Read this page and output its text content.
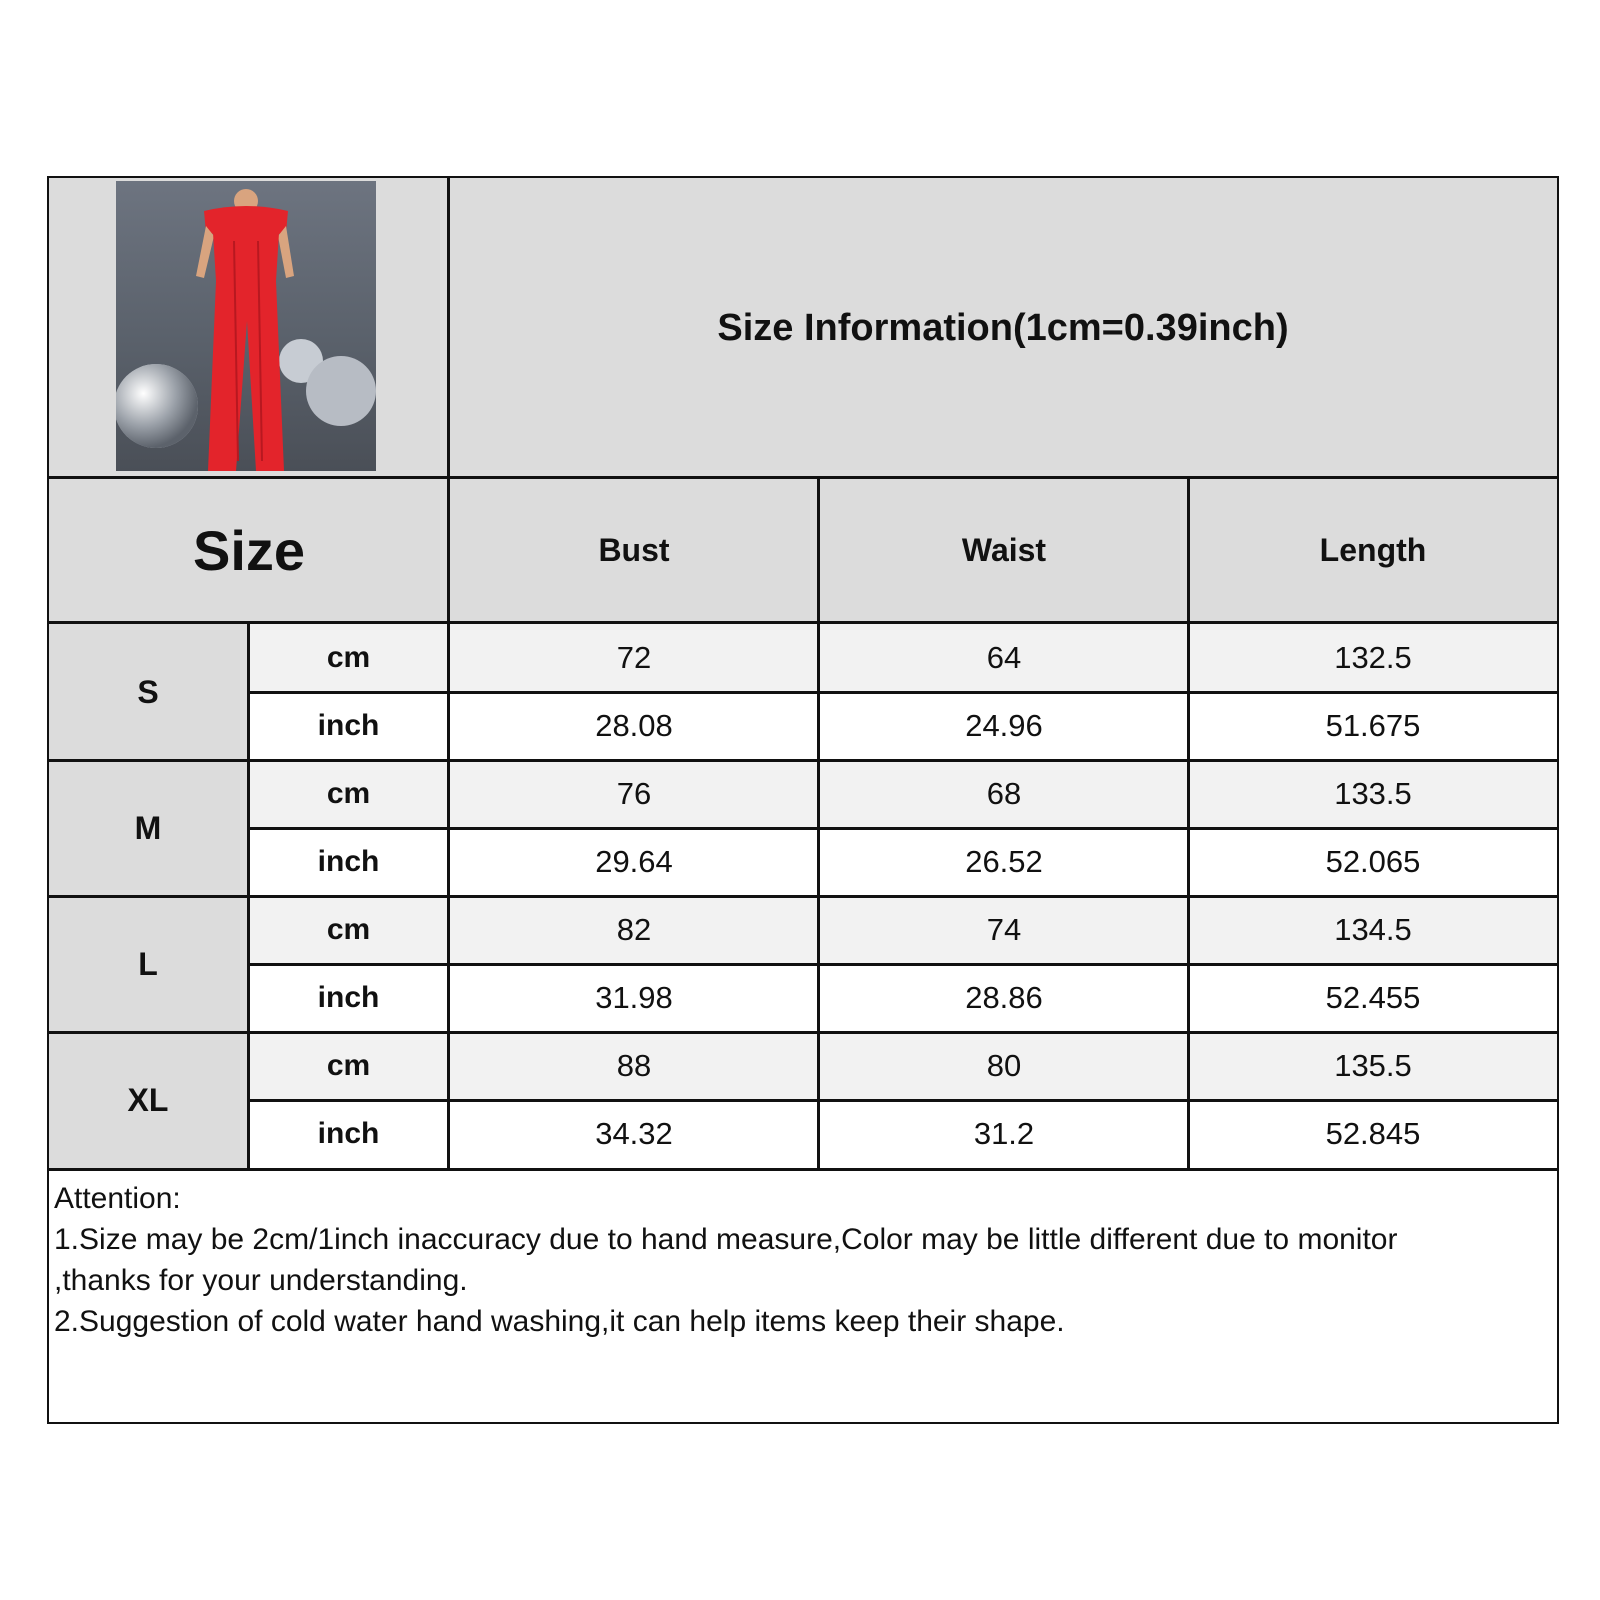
Size Information(1cm=0.39inch)
Size	Bust	Waist	Length
S
cm	72	64	132.5
inch	28.08	24.96	51.675
M
cm	76	68	133.5
inch	29.64	26.52	52.065
L
cm	82	74	134.5
inch	31.98	28.86	52.455
XL
cm	88	80	135.5
inch	34.32	31.2	52.845
Attention:
1.Size may be 2cm/1inch inaccuracy due to hand measure,Color may be little different due to monitor
,thanks for your understanding.
2.Suggestion of cold water hand washing,it can help items keep their shape.
